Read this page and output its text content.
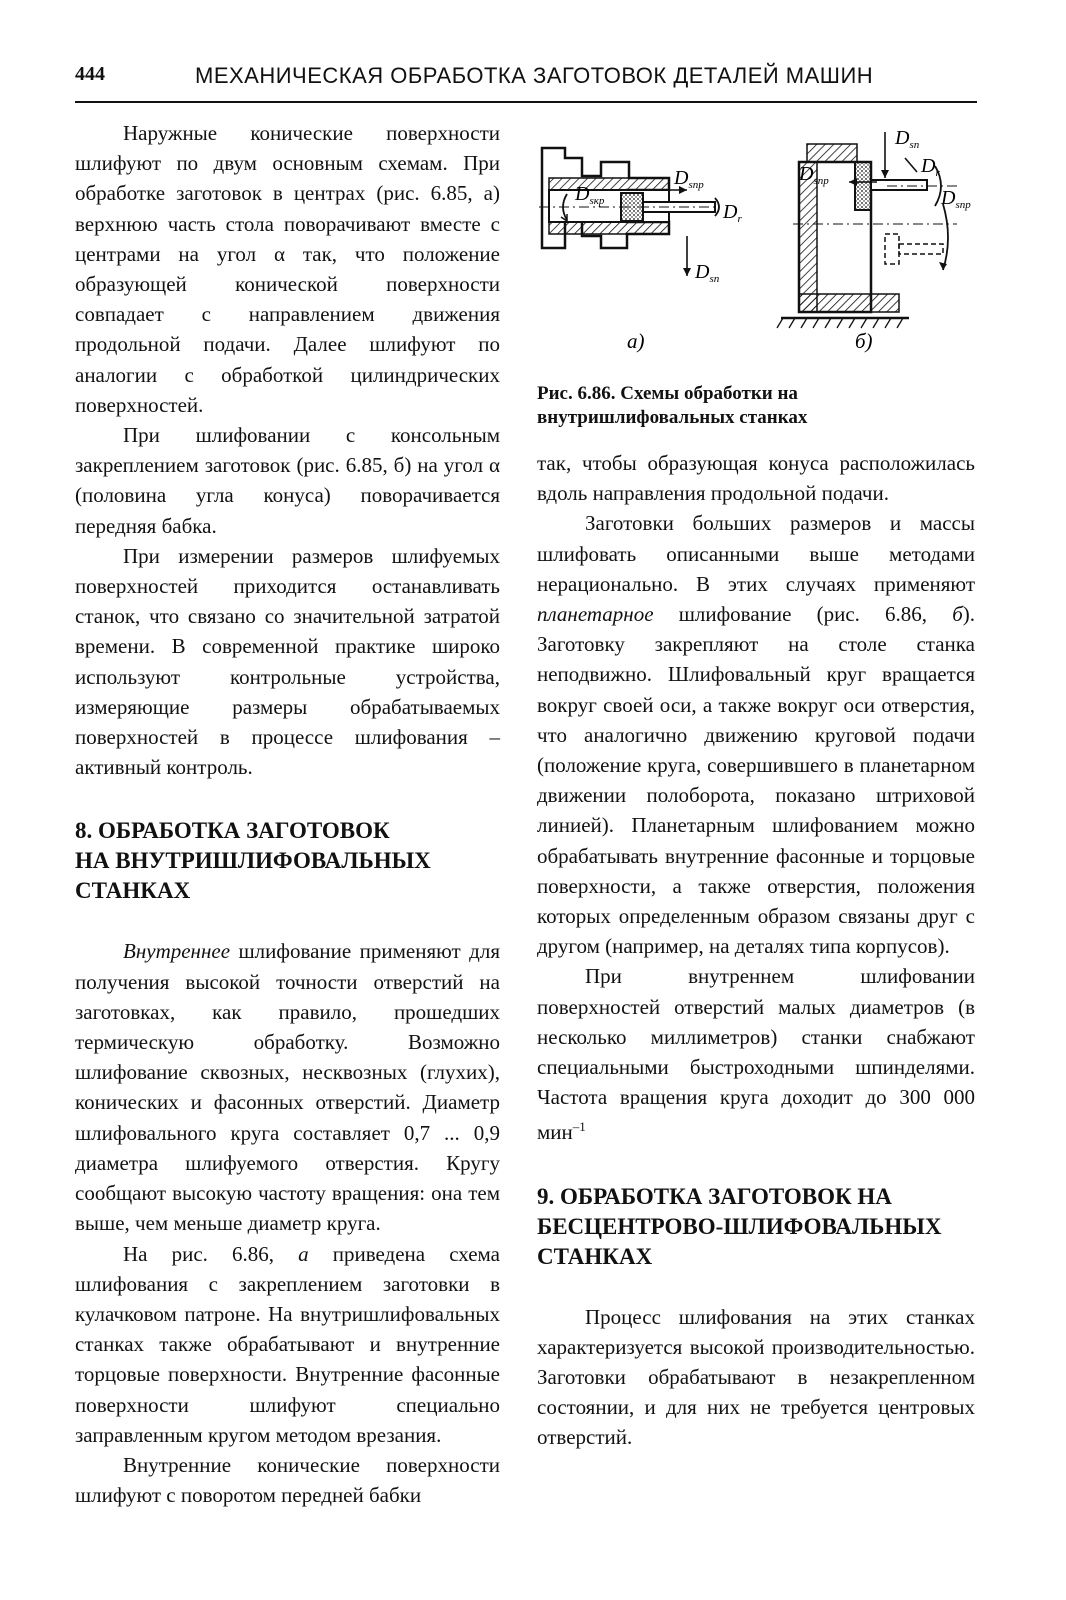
444	МЕХАНИЧЕСКАЯ ОБРАБОТКА ЗАГОТОВОК ДЕТАЛЕЙ МАШИН

Наружные конические поверхности шлифуют по двум основным схемам. При обработке заготовок в центрах (рис. 6.85, а) верхнюю часть стола поворачивают вместе с центрами на угол α так, что положение образующей конической поверхности совпадает с направлением движения продольной подачи. Далее шлифуют по аналогии с обработкой цилиндрических поверхностей.

При шлифовании с консольным закреплением заготовок (рис. 6.85, б) на угол α (половина угла конуса) поворачивается передняя бабка.

При измерении размеров шлифуемых поверхностей приходится останавливать станок, что связано со значительной затратой времени. В современной практике широко используют контрольные устройства, измеряющие размеры обрабатываемых поверхностей в процессе шлифования – активный контроль.

8. ОБРАБОТКА ЗАГОТОВОК
НА ВНУТРИШЛИФОВАЛЬНЫХ
СТАНКАХ

Внутреннее шлифование применяют для получения высокой точности отверстий на заготовках, как правило, прошедших термическую обработку. Возможно шлифование сквозных, несквозных (глухих), конических и фасонных отверстий. Диаметр шлифовального круга составляет 0,7 ... 0,9 диаметра шлифуемого отверстия. Кругу сообщают высокую частоту вращения: она тем выше, чем меньше диаметр круга.

На рис. 6.86, а приведена схема шлифования с закреплением заготовки в кулачковом патроне. На внутришлифовальных станках также обрабатывают и внутренние торцовые поверхности. Внутренние фасонные поверхности шлифуют специально заправленным кругом методом врезания.

Внутренние конические поверхности шлифуют с поворотом передней бабки

$D_{sкр}$
$D_{sпр}$
$D_r$
$D_{sп}$
а)
$D_{sп}$
$D_r$
$D_{sпр}$
$D_{sпр}$
б)
Рис. 6.86. Схемы обработки на внутришлифовальных станках

так, чтобы образующая конуса расположилась вдоль направления продольной подачи.

Заготовки больших размеров и массы шлифовать описанными выше методами нерационально. В этих случаях применяют планетарное шлифование (рис. 6.86, б). Заготовку закрепляют на столе станка неподвижно. Шлифовальный круг вращается вокруг своей оси, а также вокруг оси отверстия, что аналогично движению круговой подачи (положение круга, совершившего в планетарном движении полоборота, показано штриховой линией). Планетарным шлифованием можно обрабатывать внутренние фасонные и торцовые поверхности, а также отверстия, положения которых определенным образом связаны друг с другом (например, на деталях типа корпусов).

При внутреннем шлифовании поверхностей отверстий малых диаметров (в несколько миллиметров) станки снабжают специальными быстроходными шпинделями. Частота вращения круга доходит до 300 000 мин$^{-1}$

9. ОБРАБОТКА ЗАГОТОВОК НА
БЕСЦЕНТРОВО-ШЛИФОВАЛЬНЫХ
СТАНКАХ

Процесс шлифования на этих станках характеризуется высокой производительностью. Заготовки обрабатывают в незакрепленном состоянии, и для них не требуется центровых отверстий.
